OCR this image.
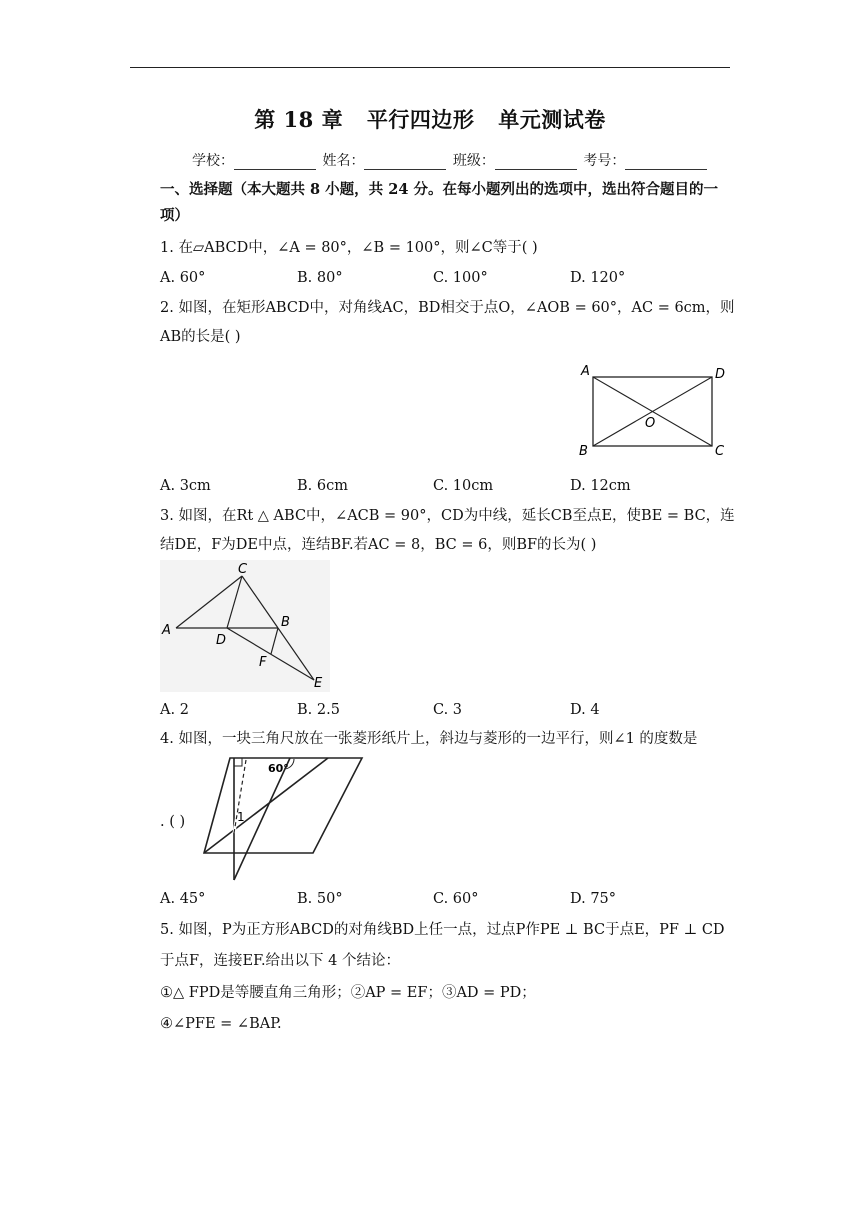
第 18 章 平行四边形 单元测试卷
学校：	姓名：	班级：	考号：
一、选择题（本大题共 8 小题，共 24 分。在每小题列出的选项中，选出符合题目的一
项）
1. 在▱ABCD中，∠A = 80°，∠B = 100°，则∠C等于( )
A. 60°	B. 80°	C. 100°	D. 120°
2. 如图，在矩形ABCD中，对角线AC，BD相交于点O，∠AOB = 60°，AC = 6cm，则
AB的长是( )
A	D
O
B	C
A. 3cm	B. 6cm	C. 10cm	D. 12cm
3. 如图，在Rt △ ABC中，∠ACB = 90°，CD为中线，延长CB至点E，使BE = BC，连
结DE，F为DE中点，连结BF.若AC = 8，BC = 6，则BF的长为( )
C
A
D
B
F
E
A. 2	B. 2.5	C. 3	D. 4
4. 如图，一块三角尺放在一张菱形纸片上，斜边与菱形的一边平行，则∠1 的度数是
60°
1
. ( )
A. 45°	B. 50°	C. 60°	D. 75°
5. 如图，P为正方形ABCD的对角线BD上任一点，过点P作PE ⊥ BC于点E，PF ⊥ CD
于点F，连接EF.给出以下 4 个结论：
①△ FPD是等腰直角三角形；②AP = EF；③AD = PD；
④∠PFE = ∠BAP.
